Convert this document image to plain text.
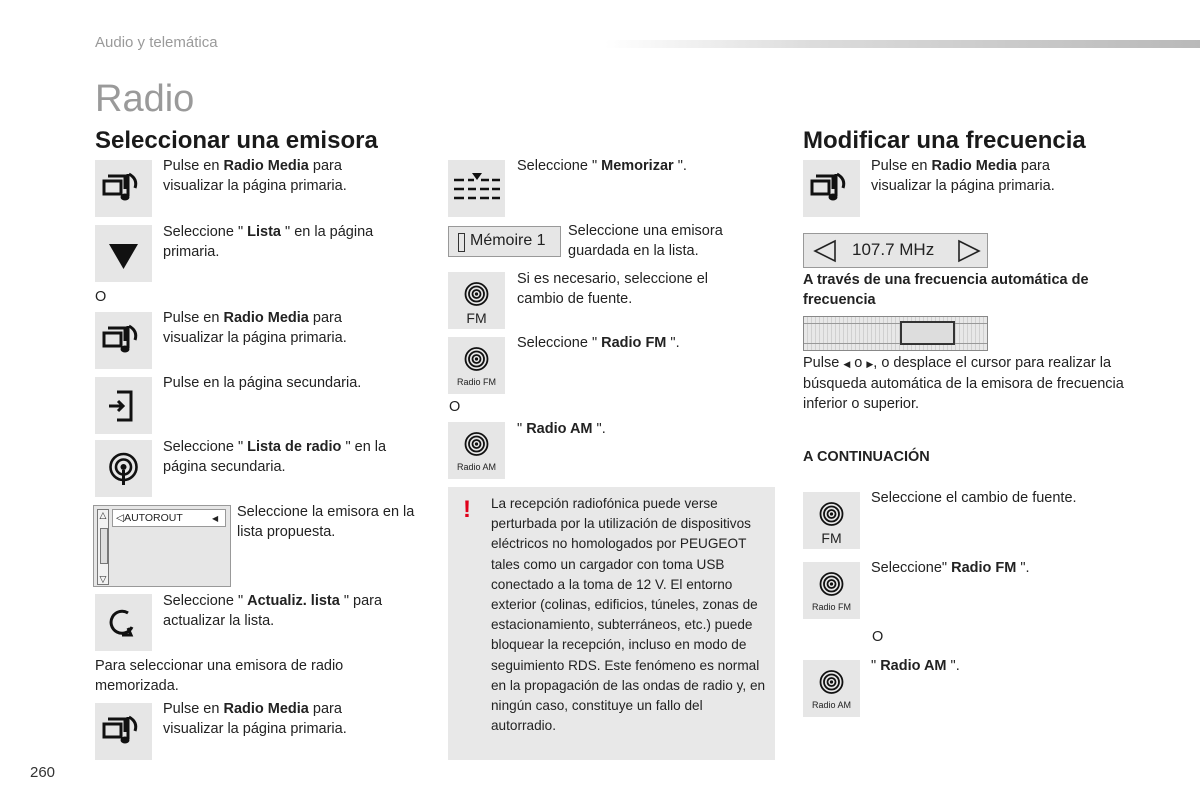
Audio y telemática
Radio
Seleccionar una emisora
Pulse en Radio Media para visualizar la página primaria.
Seleccione " Lista " en la página primaria.
O
Pulse en Radio Media para visualizar la página primaria.
Pulse en la página secundaria.
Seleccione " Lista de radio " en la página secundaria.
△
▽
◁AUTOROUT	◀ Seleccione la emisora en la lista propuesta.
Seleccione " Actualiz. lista " para actualizar la lista.
Para seleccionar una emisora de radio memorizada.
Pulse en Radio Media para visualizar la página primaria.
Seleccione " Memorizar ".
Mémoire 1
Seleccione una emisora guardada en la lista.
FM
Si es necesario, seleccione el cambio de fuente.
Radio FM
Seleccione " Radio FM ".
O
Radio AM
" Radio AM ".
! La recepción radiofónica puede verse perturbada por la utilización de dispositivos eléctricos no homologados por PEUGEOT tales como un cargador con toma USB conectado a la toma de 12 V. El entorno exterior (colinas, edificios, túneles, zonas de estacionamiento, subterráneos, etc.) puede bloquear la recepción, incluso en modo de seguimiento RDS. Este fenómeno es normal en la propagación de las ondas de radio y, en ningún caso, constituye un fallo del autorradio.
Modificar una frecuencia
Pulse en Radio Media para visualizar la página primaria.
107.7 MHz
A través de una frecuencia automática de frecuencia
Pulse ◀ o ▶, o desplace el cursor para realizar la búsqueda automática de la emisora de frecuencia inferior o superior.
A CONTINUACIÓN
FM
Seleccione el cambio de fuente.
Radio FM
Seleccione" Radio FM ".
O
Radio AM
" Radio AM ".
260
